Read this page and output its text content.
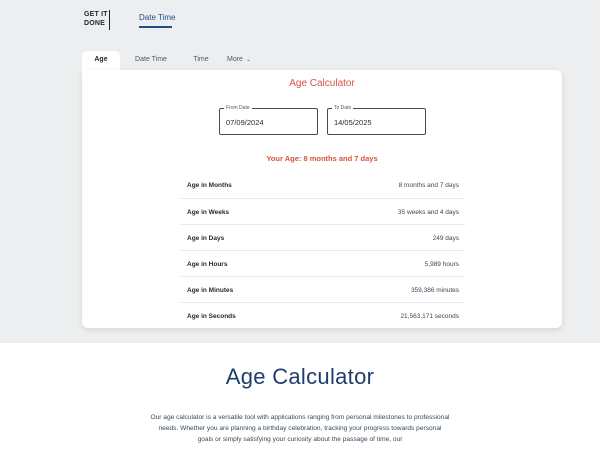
GET IT
DONE
Date Time
Age	Date Time	Time	More ⌄
Age Calculator
From Date
07/09/2024
To Date
14/05/2025
Your Age: 8 months and 7 days
Age in Months	8 months and 7 days
Age in Weeks	35 weeks and 4 days
Age in Days	249 days
Age in Hours	5,989 hours
Age in Minutes	359,386 minutes
Age in Seconds	21,563,171 seconds
Age Calculator
Our age calculator is a versatile tool with applications ranging from personal milestones to professional needs. Whether you are planning a birthday celebration, tracking your progress towards personal goals or simply satisfying your curiosity about the passage of time, our
